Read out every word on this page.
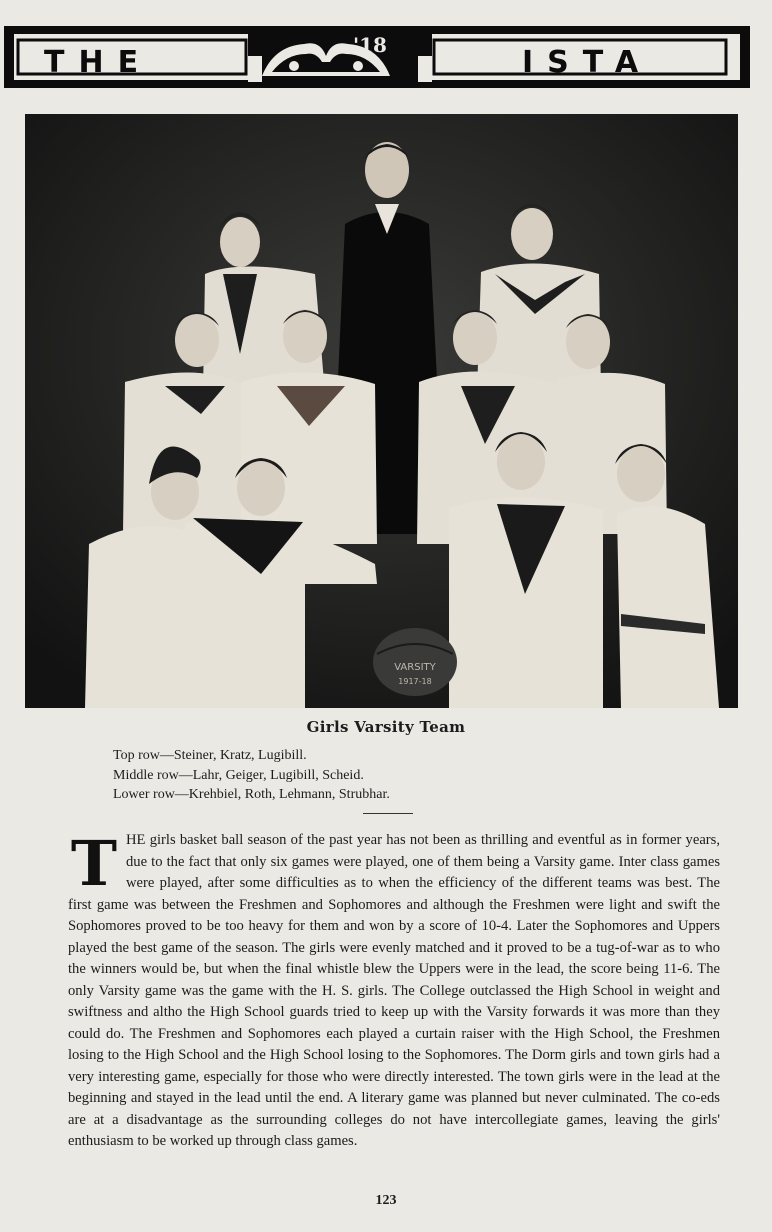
THE	'18	ISTA
VARSITY
1917-18
Girls Varsity Team
Top row—Steiner, Kratz, Lugibill.
Middle row—Lahr, Geiger, Lugibill, Scheid.
Lower row—Krehbiel, Roth, Lehmann, Strubhar.
T HE girls basket ball season of the past year has not been as thrilling and eventful as in former years, due to the fact that only six games were played, one of them being a Varsity game. Inter class games were played, after some difficulties as to when the efficiency of the different teams was best. The first game was between the Freshmen and Sophomores and although the Freshmen were light and swift the Sophomores proved to be too heavy for them and won by a score of 10-4. Later the Sophomores and Uppers played the best game of the season. The girls were evenly matched and it proved to be a tug-of-war as to who the winners would be, but when the final whistle blew the Uppers were in the lead, the score being 11-6. The only Varsity game was the game with the H. S. girls. The College outclassed the High School in weight and swiftness and altho the High School guards tried to keep up with the Varsity forwards it was more than they could do. The Freshmen and Sophomores each played a curtain raiser with the High School, the Freshmen losing to the High School and the High School losing to the Sophomores. The Dorm girls and town girls had a very interesting game, especially for those who were directly interested. The town girls were in the lead at the beginning and stayed in the lead until the end. A literary game was planned but never culminated. The co-eds are at a disadvantage as the surrounding colleges do not have intercollegiate games, leaving the girls' enthusiasm to be worked up through class games.

123
